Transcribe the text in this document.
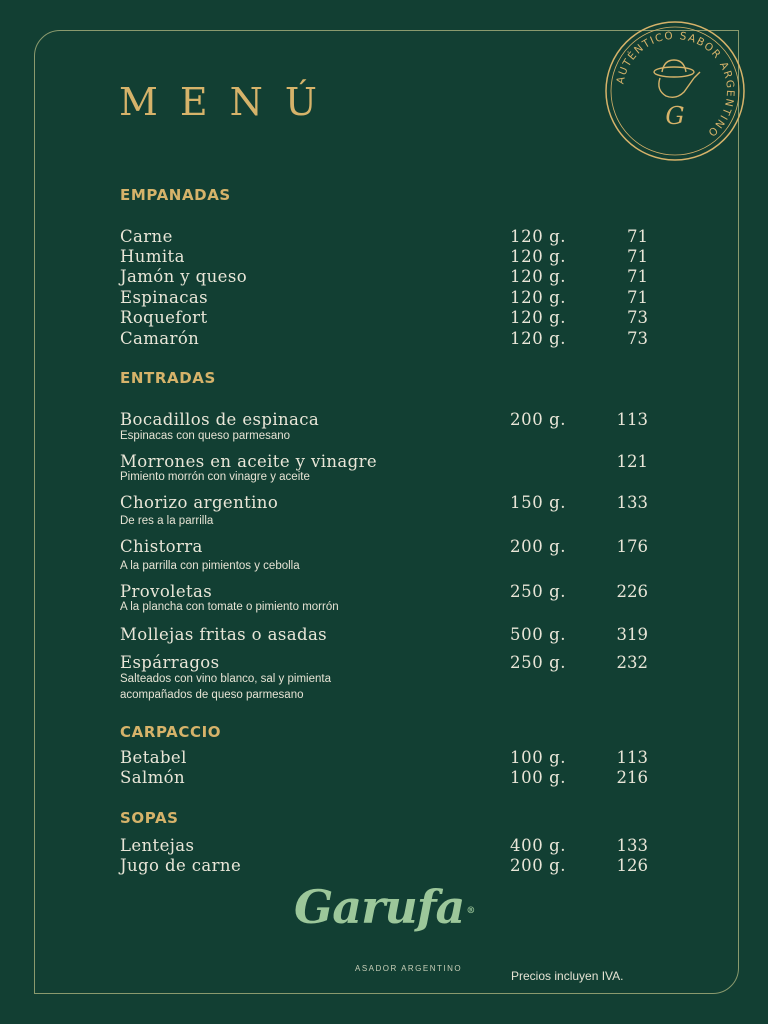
MENÚ
AUTÉNTICO SABOR ARGENTINO
G
EMPANADAS
Carne	120 g.	71
Humita	120 g.	71
Jamón y queso	120 g.	71
Espinacas	120 g.	71
Roquefort	120 g.	73
Camarón	120 g.	73
ENTRADAS
Bocadillos de espinaca	200 g.	113
Espinacas con queso parmesano
Morrones en aceite y vinagre	121
Pimiento morrón con vinagre y aceite
Chorizo argentino	150 g.	133
De res a la parrilla
Chistorra	200 g.	176
A la parrilla con pimientos y cebolla
Provoletas	250 g.	226
A la plancha con tomate o pimiento morrón
Mollejas fritas o asadas	500 g.	319
Espárragos	250 g.	232
Salteados con vino blanco, sal y pimienta
acompañados de queso parmesano
CARPACCIO
Betabel	100 g.	113
Salmón	100 g.	216
SOPAS
Lentejas	400 g.	133
Jugo de carne	200 g.	126
Garufa ®
ASADOR ARGENTINO
Precios incluyen IVA.
